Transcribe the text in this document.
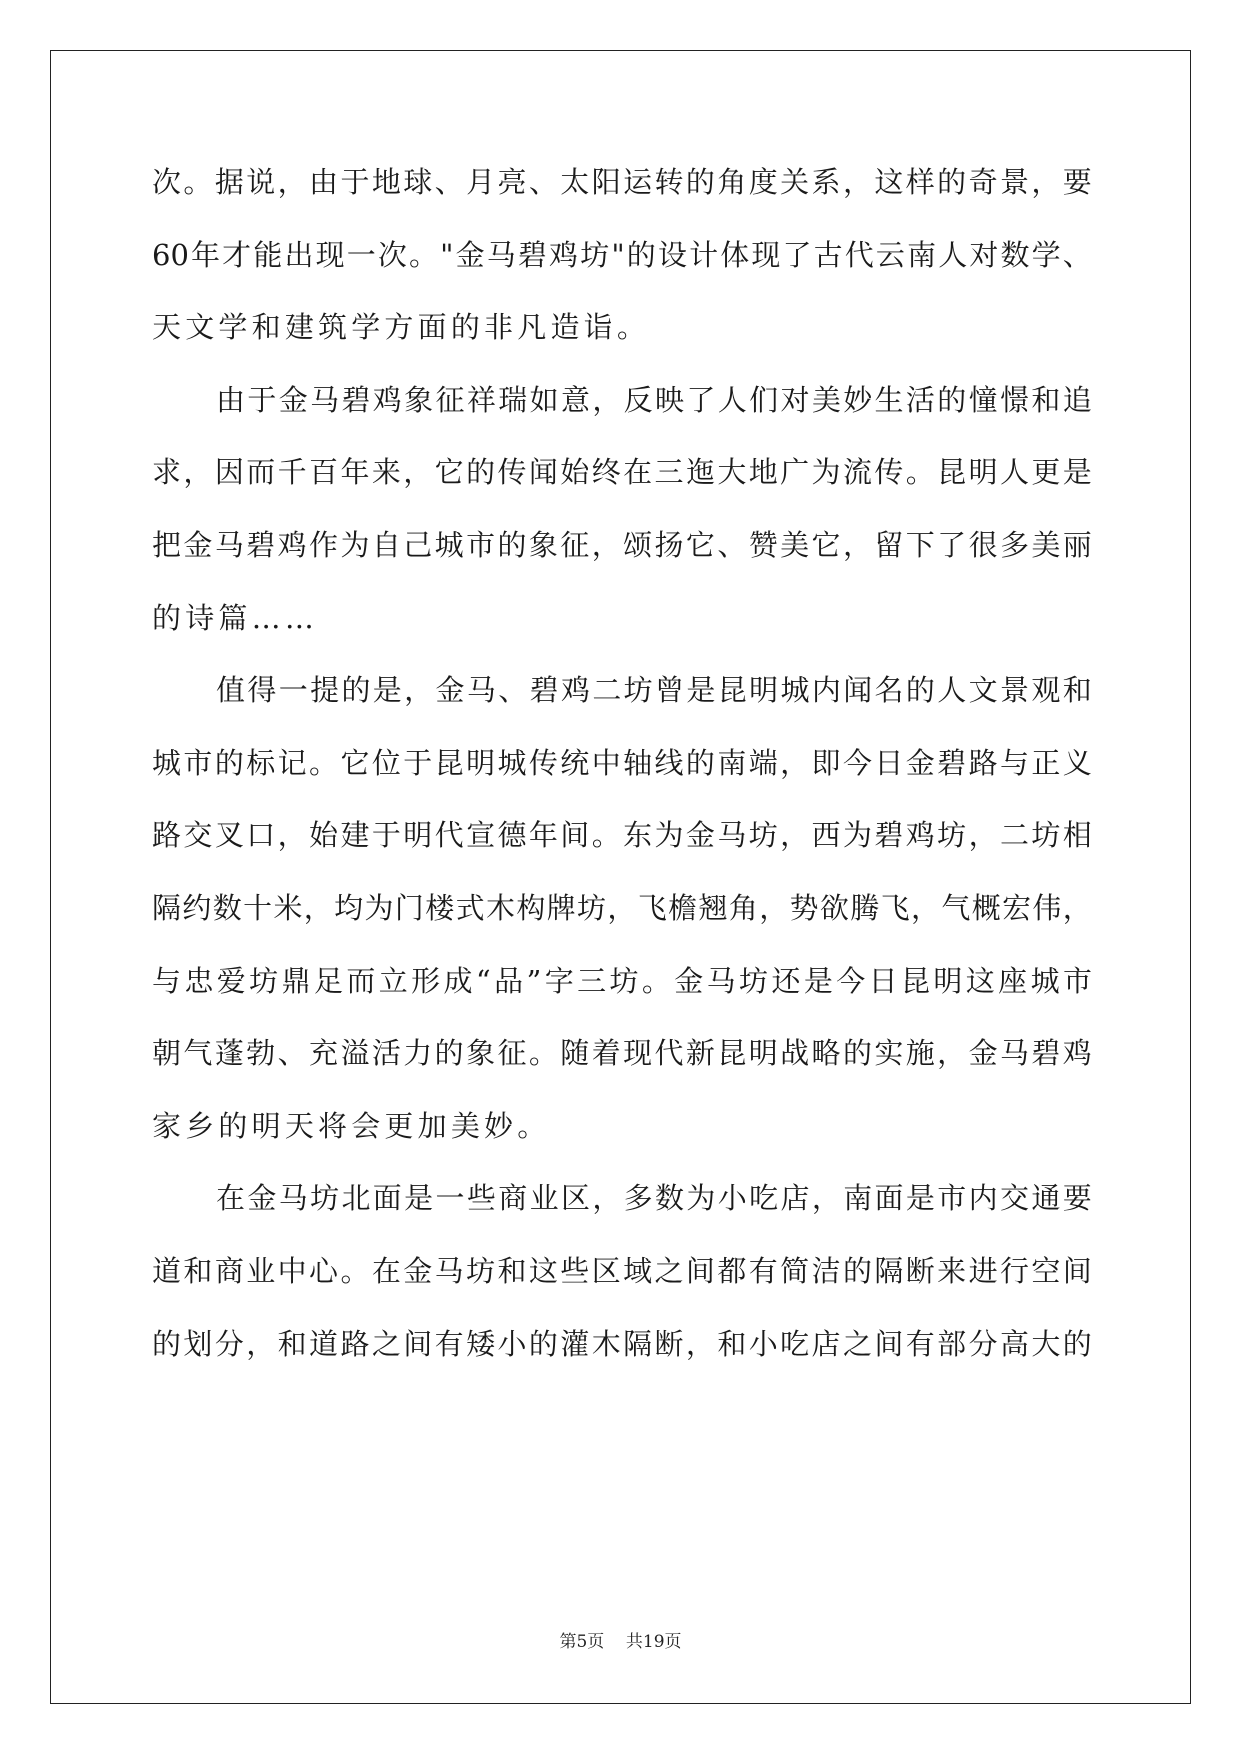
次 。 据 说 ， 由 于 地 球 、 月 亮 、 太 阳 运 转 的 角 度 关 系 ， 这 样 的 奇 景 ， 要
60 年 才 能 出 现 一 次 。 " 金 马 碧 鸡 坊 " 的 设 计 体 现 了 古 代 云 南 人 对 数 学 、
天文学和建筑学方面的非凡造诣。
由 于 金 马 碧 鸡 象 征 祥 瑞 如 意 ， 反 映 了 人 们 对 美 妙 生 活 的 憧 憬 和 追
求 ， 因 而 千 百 年 来 ， 它 的 传 闻 始 终 在 三 迤 大 地 广 为 流 传 。 昆 明 人 更 是
把 金 马 碧 鸡 作 为 自 己 城 市 的 象 征 ， 颂 扬 它 、 赞 美 它 ， 留 下 了 很 多 美 丽
的诗篇……
值 得 一 提 的 是 ， 金 马 、 碧 鸡 二 坊 曾 是 昆 明 城 内 闻 名 的 人 文 景 观 和
城 市 的 标 记 。 它 位 于 昆 明 城 传 统 中 轴 线 的 南 端 ， 即 今 日 金 碧 路 与 正 义
路 交 叉 口 ， 始 建 于 明 代 宣 德 年 间 。 东 为 金 马 坊 ， 西 为 碧 鸡 坊 ， 二 坊 相
隔 约 数 十 米 ， 均 为 门 楼 式 木 构 牌 坊 ， 飞 檐 翘 角 ， 势 欲 腾 飞 ， 气 概 宏 伟 ，
与 忠 爱 坊 鼎 足 而 立 形 成 “ 品 ” 字 三 坊 。 金 马 坊 还 是 今 日 昆 明 这 座 城 市
朝 气 蓬 勃 、 充 溢 活 力 的 象 征 。 随 着 现 代 新 昆 明 战 略 的 实 施 ， 金 马 碧 鸡
家乡的明天将会更加美妙。
在 金 马 坊 北 面 是 一 些 商 业 区 ， 多 数 为 小 吃 店 ， 南 面 是 市 内 交 通 要
道 和 商 业 中 心 。 在 金 马 坊 和 这 些 区 域 之 间 都 有 简 洁 的 隔 断 来 进 行 空 间
的 划 分 ， 和 道 路 之 间 有 矮 小 的 灌 木 隔 断 ， 和 小 吃 店 之 间 有 部 分 高 大 的
第5页 共19页
